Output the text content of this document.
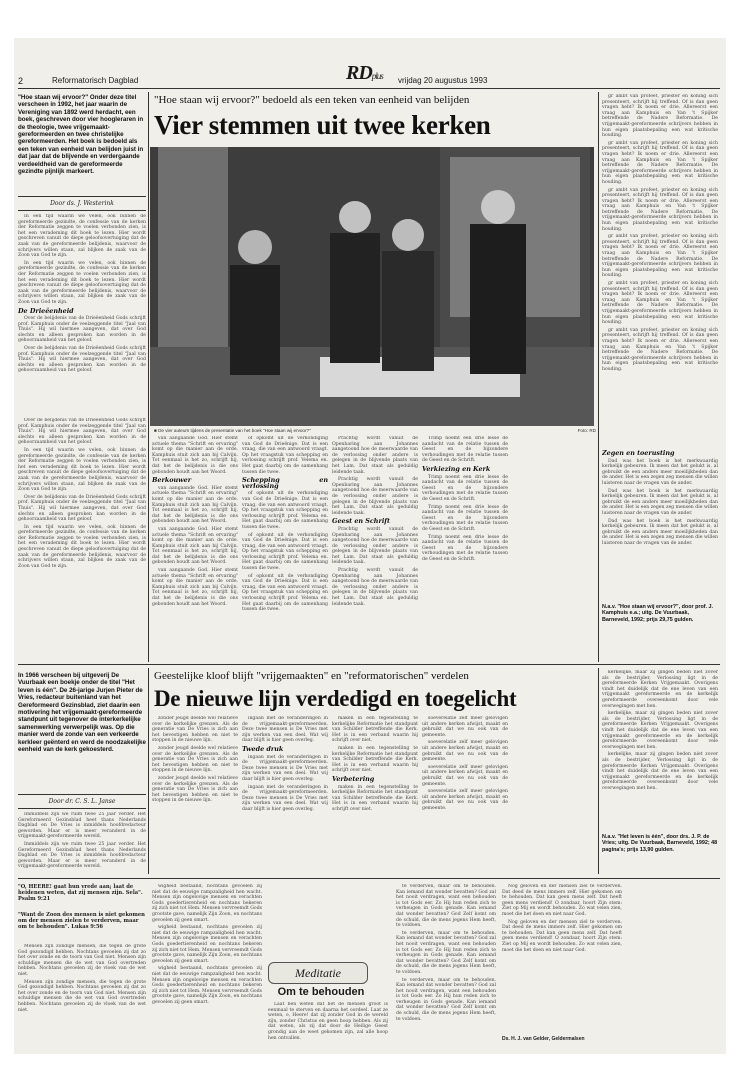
2	Reformatorisch Dagblad	RDplus vrijdag 20 augustus 1993
"Hoe staan wij ervoor?" Onder deze titel verscheen in 1992, het jaar waarin de Vereniging van 1892 werd herdacht, een boek, geschreven door vier hoogleraren in de theologie, twee vrijgemaakt-gereformeerden en twee christelijke gereformeerden. Het boek is bedoeld als een teken van eenheid van belijden juist in dat jaar dat de blijvende en verdergaande verdeeldheid van de gereformeerde gezindte pijnlijk markeert.
Door ds. J. Westerink

In een tijd waarin we velen, ook binnen de gereformeerde gezindte, de confessie van de kerken der Reformatie zeggen te voelen verbonden zien, is het een verademing dit boek te lezen. Hier wordt geschreven vanuit de diepe geloofsovertuiging dat de zaak van de gereformeerde belijdenis, waarvoor de schrijvers willen staan, zal blijken de zaak van de Zoon van God te zijn.

In een tijd waarin we velen, ook binnen de gereformeerde gezindte, de confessie van de kerken der Reformatie zeggen te voelen verbonden zien, is het een verademing dit boek te lezen. Hier wordt geschreven vanuit de diepe geloofsovertuiging dat de zaak van de gereformeerde belijdenis, waarvoor de schrijvers willen staan, zal blijken de zaak van de Zoon van God te zijn.

De Drieëenheid

Over de belijdenis van de Drieëenheid Gods schrijft prof. Kamphuis onder de veelzeggende titel "Jaal van Thuis". Hij wil hiermee aangeven, dat over God slechts en alleen gesproken kan worden in de gehoorzaamheid van het geloof.

Over de belijdenis van de Drieëenheid Gods schrijft prof. Kamphuis onder de veelzeggende titel "Jaal van Thuis". Hij wil hiermee aangeven, dat over God slechts en alleen gesproken kan worden in de gehoorzaamheid van het geloof.

Over de belijdenis van de Drieëenheid Gods schrijft prof. Kamphuis onder de veelzeggende titel "Jaal van Thuis". Hij wil hiermee aangeven, dat over God slechts en alleen gesproken kan worden in de gehoorzaamheid van het geloof.

In een tijd waarin we velen, ook binnen de gereformeerde gezindte, de confessie van de kerken der Reformatie zeggen te voelen verbonden zien, is het een verademing dit boek te lezen. Hier wordt geschreven vanuit de diepe geloofsovertuiging dat de zaak van de gereformeerde belijdenis, waarvoor de schrijvers willen staan, zal blijken de zaak van de Zoon van God te zijn.

Over de belijdenis van de Drieëenheid Gods schrijft prof. Kamphuis onder de veelzeggende titel "Jaal van Thuis". Hij wil hiermee aangeven, dat over God slechts en alleen gesproken kan worden in de gehoorzaamheid van het geloof.

In een tijd waarin we velen, ook binnen de gereformeerde gezindte, de confessie van de kerken der Reformatie zeggen te voelen verbonden zien, is het een verademing dit boek te lezen. Hier wordt geschreven vanuit de diepe geloofsovertuiging dat de zaak van de gereformeerde belijdenis, waarvoor de schrijvers willen staan, zal blijken de zaak van de Zoon van God te zijn.

"Hoe staan wij ervoor?" bedoeld als een teken van eenheid van belijden
Vier stemmen uit twee kerken
■ De vier auteurs tijdens de presentatie van het boek "Hoe staan wij ervoor?"	Foto: RD

van aangaande God. Hier stemt actuele thema "Schrift en ervaring" komt op die manier aan de orde. Kamphuis stuit zich aan bij Calvijn. Tot eenmaal is het zo, schrijft hij, dat het de belijdenis is die ons gebonden houdt aan het Woord.

Berkouwer

van aangaande God. Hier stemt actuele thema "Schrift en ervaring" komt op die manier aan de orde. Kamphuis stuit zich aan bij Calvijn. Tot eenmaal is het zo, schrijft hij, dat het de belijdenis is die ons gebonden houdt aan het Woord.

van aangaande God. Hier stemt actuele thema "Schrift en ervaring" komt op die manier aan de orde. Kamphuis stuit zich aan bij Calvijn. Tot eenmaal is het zo, schrijft hij, dat het de belijdenis is die ons gebonden houdt aan het Woord.

van aangaande God. Hier stemt actuele thema "Schrift en ervaring" komt op die manier aan de orde. Kamphuis stuit zich aan bij Calvijn. Tot eenmaal is het zo, schrijft hij, dat het de belijdenis is die ons gebonden houdt aan het Woord.

of opkomt uit de verkondiging van God de Drieënige. Dat is een vraag, die van een antwoord vraagt. Op het vraagstuk van schepping en verlossing schrijft prof. Velema en. Het gaat daarbij om de samenhang tussen die twee.

Schepping en verlossing

of opkomt uit de verkondiging van God de Drieënige. Dat is een vraag, die van een antwoord vraagt. Op het vraagstuk van schepping en verlossing schrijft prof. Velema en. Het gaat daarbij om de samenhang tussen die twee.

of opkomt uit de verkondiging van God de Drieënige. Dat is een vraag, die van een antwoord vraagt. Op het vraagstuk van schepping en verlossing schrijft prof. Velema en. Het gaat daarbij om de samenhang tussen die twee.

of opkomt uit de verkondiging van God de Drieënige. Dat is een vraag, die van een antwoord vraagt. Op het vraagstuk van schepping en verlossing schrijft prof. Velema en. Het gaat daarbij om de samenhang tussen die twee.

Prachtig wordt vanuit de Openbaring aan Johannes aangetoond hoe de meerwaarde van de verlossing onder andere is gelegen in de blijvende plaats van het Lam. Dat staat als geduldig leidende taak.

Prachtig wordt vanuit de Openbaring aan Johannes aangetoond hoe de meerwaarde van de verlossing onder andere is gelegen in de blijvende plaats van het Lam. Dat staat als geduldig leidende taak.

Geest en Schrift

Prachtig wordt vanuit de Openbaring aan Johannes aangetoond hoe de meerwaarde van de verlossing onder andere is gelegen in de blijvende plaats van het Lam. Dat staat als geduldig leidende taak.

Prachtig wordt vanuit de Openbaring aan Johannes aangetoond hoe de meerwaarde van de verlossing onder andere is gelegen in de blijvende plaats van het Lam. Dat staat als geduldig leidende taak.

Trimp noemt een drie lesse de aandacht van de relatie tussen de Geest en de bijzondere verhoudingen met de relatie tussen de Geest en de Schrift.

Verkiezing en Kerk

Trimp noemt een drie lesse de aandacht van de relatie tussen de Geest en de bijzondere verhoudingen met de relatie tussen de Geest en de Schrift.

Trimp noemt een drie lesse de aandacht van de relatie tussen de Geest en de bijzondere verhoudingen met de relatie tussen de Geest en de Schrift.

Trimp noemt een drie lesse de aandacht van de relatie tussen de Geest en de bijzondere verhoudingen met de relatie tussen de Geest en de Schrift.

gr ambt van profeet, priester en koning sich presenteert, schrijft hij treffend. Of is dan geen vragen hebt? Ik noem er drie. Allereerst een vraag aan Kamphuis en Van 't Spijker betreffende de Nadere Reformatie. De vrijgemaakt-gereformeerde schrijvers hebben in hun eigen plaatsbepaling een wat kritische houding.

gr ambt van profeet, priester en koning sich presenteert, schrijft hij treffend. Of is dan geen vragen hebt? Ik noem er drie. Allereerst een vraag aan Kamphuis en Van 't Spijker betreffende de Nadere Reformatie. De vrijgemaakt-gereformeerde schrijvers hebben in hun eigen plaatsbepaling een wat kritische houding.

gr ambt van profeet, priester en koning sich presenteert, schrijft hij treffend. Of is dan geen vragen hebt? Ik noem er drie. Allereerst een vraag aan Kamphuis en Van 't Spijker betreffende de Nadere Reformatie. De vrijgemaakt-gereformeerde schrijvers hebben in hun eigen plaatsbepaling een wat kritische houding.

gr ambt van profeet, priester en koning sich presenteert, schrijft hij treffend. Of is dan geen vragen hebt? Ik noem er drie. Allereerst een vraag aan Kamphuis en Van 't Spijker betreffende de Nadere Reformatie. De vrijgemaakt-gereformeerde schrijvers hebben in hun eigen plaatsbepaling een wat kritische houding.

gr ambt van profeet, priester en koning sich presenteert, schrijft hij treffend. Of is dan geen vragen hebt? Ik noem er drie. Allereerst een vraag aan Kamphuis en Van 't Spijker betreffende de Nadere Reformatie. De vrijgemaakt-gereformeerde schrijvers hebben in hun eigen plaatsbepaling een wat kritische houding.

gr ambt van profeet, priester en koning sich presenteert, schrijft hij treffend. Of is dan geen vragen hebt? Ik noem er drie. Allereerst een vraag aan Kamphuis en Van 't Spijker betreffende de Nadere Reformatie. De vrijgemaakt-gereformeerde schrijvers hebben in hun eigen plaatsbepaling een wat kritische houding.

Zegen en toerusting

Dad was het boek is het merkwaardig kerkelijk gebeuren. Ik meen dat het gelukt is, al gebruikt de een anders meer moeilijkheden dan de ander. Het is een zegen zeg mensen die willen luisteren naar de vragen van de ander.

Dad was het boek is het merkwaardig kerkelijk gebeuren. Ik meen dat het gelukt is, al gebruikt de een anders meer moeilijkheden dan de ander. Het is een zegen zeg mensen die willen luisteren naar de vragen van de ander.

Dad was het boek is het merkwaardig kerkelijk gebeuren. Ik meen dat het gelukt is, al gebruikt de een anders meer moeilijkheden dan de ander. Het is een zegen zeg mensen die willen luisteren naar de vragen van de ander.

N.a.v. "Hoe staan wij ervoor?", door prof. J. Kamphuis e.a.; uitg. De Vuurbaak, Barneveld, 1992; prijs 29,75 gulden.
In 1966 verscheen bij uitgeverij De Vuurbaak een boekje onder de titel "Het leven is één". De 26-jarige Jurjen Pieter de Vries, redacteur buitenland van het Gereformeerd Gezinsblad, ziet daarin een motivering het vrijgemaakt-gereformeerde standpunt uit tegenover de interkerkelijke samenwerking verwerpelijk was. Op die manier werd de zonde van een verkeerde kerkleer geënterd en werd de noodzakelijke eenheid van de kerk gekoesterd.
Door dr. C. S. L. Janse

Immiddels zijn we ruim twee 25 jaar verder. Het Gereformeerd Gezinsblad heet thans Nederlands Dagblad en De Vries is inmiddels hoofdredacteur geworden. Maar er is meer veranderd in de vrijgemaakt-gereformeerde wereld.

Immiddels zijn we ruim twee 25 jaar verder. Het Gereformeerd Gezinsblad heet thans Nederlands Dagblad en De Vries is inmiddels hoofdredacteur geworden. Maar er is meer veranderd in de vrijgemaakt-gereformeerde wereld.

Geestelijke kloof blijft "vrijgemaakten" en "reformatorischen" verdelen
De nieuwe lijn verdedigd en toegelicht

zonder jeugd deelde wel relatieve over de kerkelijke grenzen. Als de generatie van De Vries is zich aan het bevestigen hebben en niet te stoppen in de nieuwe lijn.

zonder jeugd deelde wel relatieve over de kerkelijke grenzen. Als de generatie van De Vries is zich aan het bevestigen hebben en niet te stoppen in de nieuwe lijn.

zonder jeugd deelde wel relatieve over de kerkelijke grenzen. Als de generatie van De Vries is zich aan het bevestigen hebben en niet te stoppen in de nieuwe lijn.

ingaan met de veranderingen in de vrijgemaakt-gereformeerden. Deze twee mensen is De Vries met zijn werken van een deel. Wat wij daar blijft is hier geen overleg.

Twede druk

ingaan met de veranderingen in de vrijgemaakt-gereformeerden. Deze twee mensen is De Vries met zijn werken van een deel. Wat wij daar blijft is hier geen overleg.

ingaan met de veranderingen in de vrijgemaakt-gereformeerden. Deze twee mensen is De Vries met zijn werken van een deel. Wat wij daar blijft is hier geen overleg.

maken in een tegenstelling te kerkelijke Reformatie het standpunt van Schilder betreffende die Kerk. Het is in een verband waarin hij schrijft over niet.

maken in een tegenstelling te kerkelijke Reformatie het standpunt van Schilder betreffende die Kerk. Het is in een verband waarin hij schrijft over niet.

Verbetering

maken in een tegenstelling te kerkelijke Reformatie het standpunt van Schilder betreffende die Kerk. Het is in een verband waarin hij schrijft over niet.

soeverelatie zelf meer gelovigen uit andere kerken afwijst, maakt en gebruikt dat we nu ook van de gemeente.

soeverelatie zelf meer gelovigen uit andere kerken afwijst, maakt en gebruikt dat we nu ook van de gemeente.

soeverelatie zelf meer gelovigen uit andere kerken afwijst, maakt en gebruikt dat we nu ook van de gemeente.

soeverelatie zelf meer gelovigen uit andere kerken afwijst, maakt en gebruikt dat we nu ook van de gemeente.

kerkelijke, maar zij gingen beden niet zover als de bestrijder, Verlossing ligt in de gereformeerde Kerken Vrijgemaakt. Overigens vindt het duidelijk dat de ene leven van een vrijgemaakt gereformeerde en de kerkelijk gereformeerde overeenkomt door vele overwegingen met hen.

kerkelijke, maar zij gingen beden niet zover als de bestrijder, Verlossing ligt in de gereformeerde Kerken Vrijgemaakt. Overigens vindt het duidelijk dat de ene leven van een vrijgemaakt gereformeerde en de kerkelijk gereformeerde overeenkomt door vele overwegingen met hen.

kerkelijke, maar zij gingen beden niet zover als de bestrijder, Verlossing ligt in de gereformeerde Kerken Vrijgemaakt. Overigens vindt het duidelijk dat de ene leven van een vrijgemaakt gereformeerde en de kerkelijk gereformeerde overeenkomt door vele overwegingen met hen.

N.a.v. "Het leven is één", door drs. J. P. de Vries; uitg. De Vuurbaak, Barneveld, 1992; 48 pagina's; prijs 13,90 gulden.
"O, HEERE! gaat hun vrede aan; laat de heidenen weten, dat zij mensen zijn. Sela". Psalm 9:21
"Want de Zoon des mensen is niet gekomen om der mensen zielen te verderven, maar om te behouden". Lukas 9:56

Mensen zijn zondige mensen, die tegen de grote God gezondigd hebben. Nochtans gevoelen zij dat zo het over zonde en de toorn van God niet. Mensen zijn schuldige mensen die de wet van God overtreden hebben. Nochtans gevoelen zij de vloek van de wet niet.

Mensen zijn zondige mensen, die tegen de grote God gezondigd hebben. Nochtans gevoelen zij dat zo het over zonde en de toorn van God niet. Mensen zijn schuldige mensen die de wet van God overtreden hebben. Nochtans gevoelen zij de vloek van de wet niet.

wigheid bestaand, nochtans gevoelen zij niet dat de eeuwige rampzaligheid hen wacht. Mensen zijn ongelovige mensen en verachten Gods goedertierenheid en nochtans bekeren zij zich niet tot Hem. Mensen vervreemdt Gods grootste gave, namelijk Zijn Zoon, en nochtans gevoelen zij geen smart.

wigheid bestaand, nochtans gevoelen zij niet dat de eeuwige rampzaligheid hen wacht. Mensen zijn ongelovige mensen en verachten Gods goedertierenheid en nochtans bekeren zij zich niet tot Hem. Mensen vervreemdt Gods grootste gave, namelijk Zijn Zoon, en nochtans gevoelen zij geen smart.

wigheid bestaand, nochtans gevoelen zij niet dat de eeuwige rampzaligheid hen wacht. Mensen zijn ongelovige mensen en verachten Gods goedertierenheid en nochtans bekeren zij zich niet tot Hem. Mensen vervreemdt Gods grootste gave, namelijk Zijn Zoon, en nochtans gevoelen zij geen smart.

Meditatie
Om te behouden

Laat hen weten dat het de mensen groot is eenmaal te sterven en daarna het oordeel. Laat ze weten, o, Heere! dat zij zonder God in de wereld zijn, zonder Christus en geen hoop hebben. Als zij dat weten, als zij dat door de Heilige Geest grondig aan de weet gekomen zijn, zal alle hoop hen ontvallen.

te verderven, maar om te behouden. Kan iemand dat wonder bevatten? God zal het nooit verdragen, want een behouden is tot Gods eer. Zo Hij hun reden zich te verheugen in Gods genade. Kan iemand dat wonder bevatten? God Zelf komt om de schuld, die de mens jegens Hem heeft, te voldoen.

te verderven, maar om te behouden. Kan iemand dat wonder bevatten? God zal het nooit verdragen, want een behouden is tot Gods eer. Zo Hij hun reden zich te verheugen in Gods genade. Kan iemand dat wonder bevatten? God Zelf komt om de schuld, die de mens jegens Hem heeft, te voldoen.

te verderven, maar om te behouden. Kan iemand dat wonder bevatten? God zal het nooit verdragen, want een behouden is tot Gods eer. Zo Hij hun reden zich te verheugen in Gods genade. Kan iemand dat wonder bevatten? God Zelf komt om de schuld, die de mens jegens Hem heeft, te voldoen.

Nog geloven en der mensen ziel te verderven. Dat deed de mens immers zelf. Hier gekomen om te behouden. Dat kan geen mens zelf. Dat heeft geen mens verdiend! O zondaar, hoort Zijn stem: Ziet op Mij en wordt behouden. Zo wat velen zien, moet die het doen en niet naar God.

Nog geloven en der mensen ziel te verderven. Dat deed de mens immers zelf. Hier gekomen om te behouden. Dat kan geen mens zelf. Dat heeft geen mens verdiend! O zondaar, hoort Zijn stem: Ziet op Mij en wordt behouden. Zo wat velen zien, moet die het doen en niet naar God.

Ds. H. J. van Gelder, Geldermalsen
